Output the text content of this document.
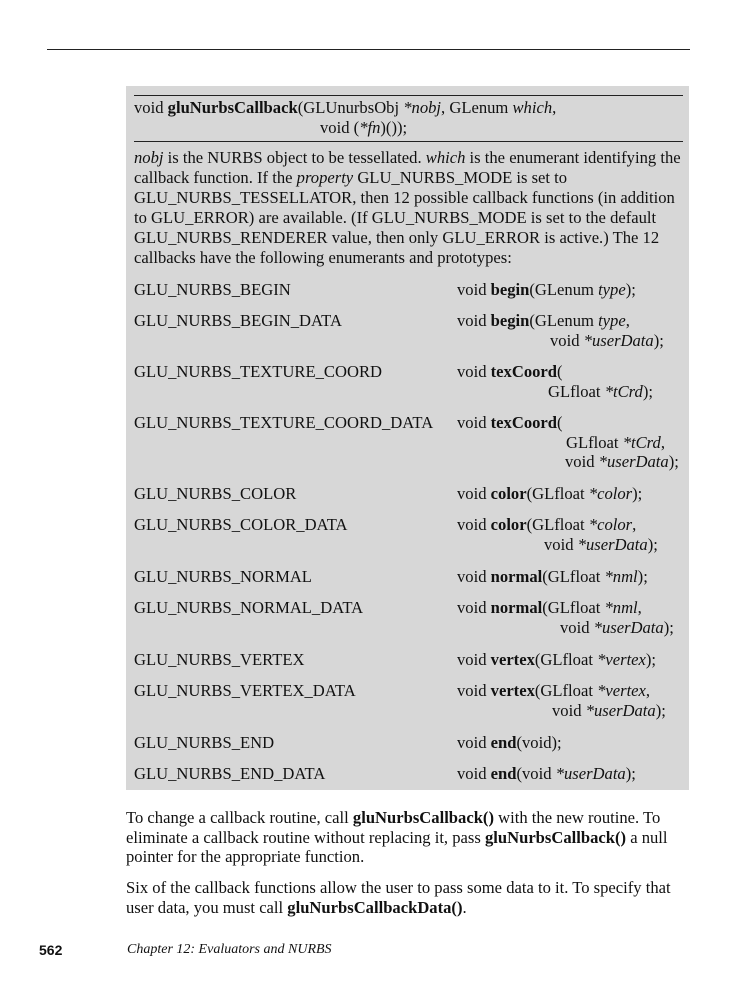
void gluNurbsCallback(GLUnurbsObj *nobj, GLenum which,
void (*fn)());
nobj is the NURBS object to be tessellated. which is the enumerant identifying the callback function. If the property GLU_NURBS_MODE is set to GLU_NURBS_TESSELLATOR, then 12 possible callback functions (in addition to GLU_ERROR) are available. (If GLU_NURBS_MODE is set to the default GLU_NURBS_RENDERER value, then only GLU_ERROR is active.) The 12 callbacks have the following enumerants and prototypes:
GLU_NURBS_BEGIN	void begin(GLenum type);
GLU_NURBS_BEGIN_DATA	void begin(GLenum type,
void *userData);
GLU_NURBS_TEXTURE_COORD	void texCoord(
GLfloat *tCrd);
GLU_NURBS_TEXTURE_COORD_DATA void texCoord(
GLfloat *tCrd,
void *userData);
GLU_NURBS_COLOR	void color(GLfloat *color);
GLU_NURBS_COLOR_DATA	void color(GLfloat *color,
void *userData);
GLU_NURBS_NORMAL	void normal(GLfloat *nml);
GLU_NURBS_NORMAL_DATA	void normal(GLfloat *nml,
void *userData);
GLU_NURBS_VERTEX	void vertex(GLfloat *vertex);
GLU_NURBS_VERTEX_DATA	void vertex(GLfloat *vertex,
void *userData);
GLU_NURBS_END	void end(void);
GLU_NURBS_END_DATA	void end(void *userData);
To change a callback routine, call gluNurbsCallback() with the new routine. To eliminate a callback routine without replacing it, pass gluNurbsCallback() a null pointer for the appropriate function.
Six of the callback functions allow the user to pass some data to it. To specify that user data, you must call gluNurbsCallbackData().
562	Chapter 12: Evaluators and NURBS
